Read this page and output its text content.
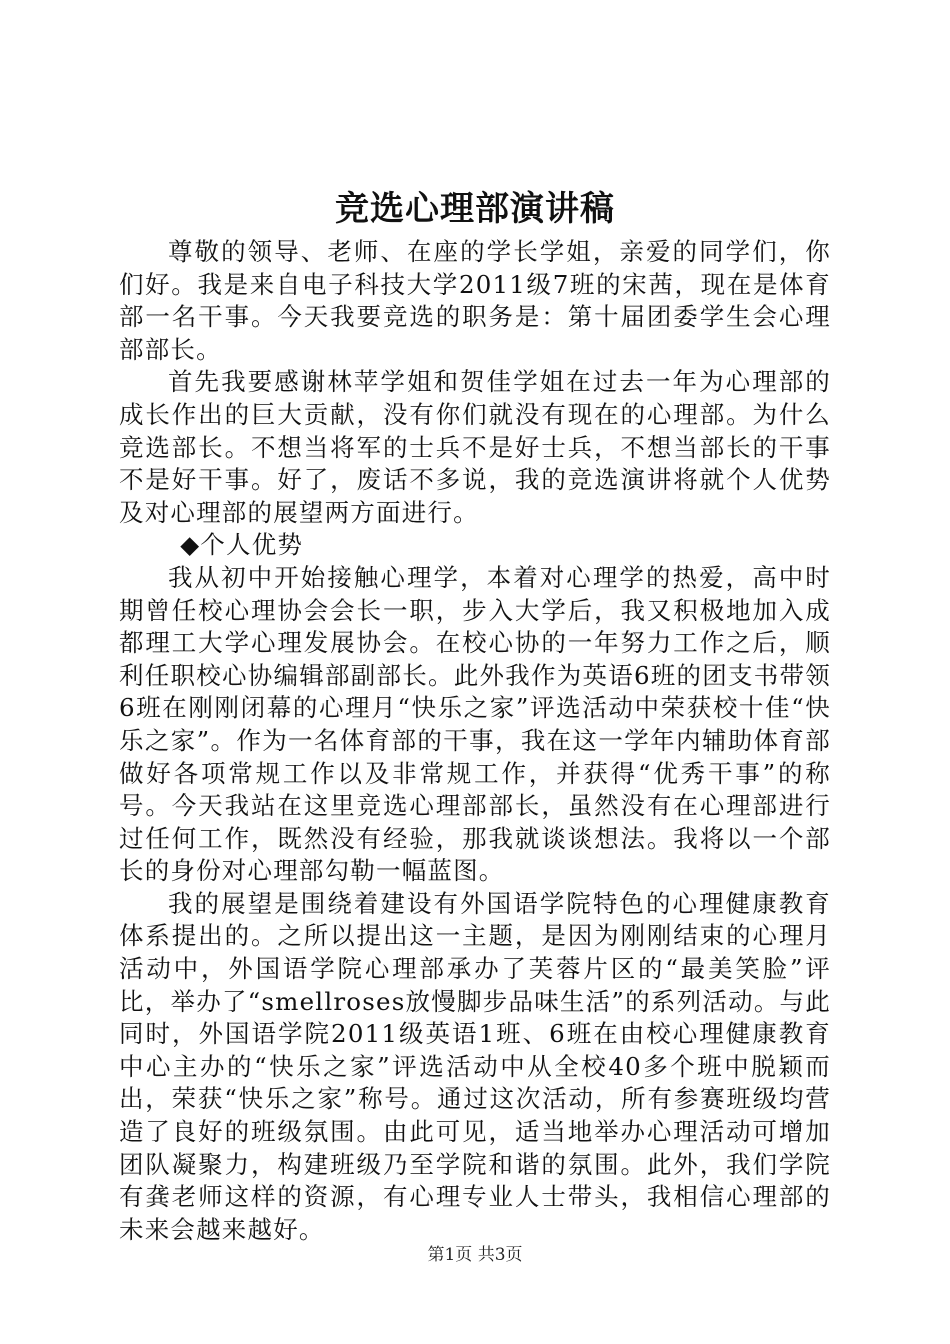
竞选心理部演讲稿

尊敬的领导、老师、在座的学长学姐，亲爱的同学们，你们好。我是来自电子科技大学2011级7班的宋茜，现在是体育部一名干事。今天我要竞选的职务是：第十届团委学生会心理部部长。

首先我要感谢林苹学姐和贺佳学姐在过去一年为心理部的成长作出的巨大贡献，没有你们就没有现在的心理部。为什么竞选部长。不想当将军的士兵不是好士兵，不想当部长的干事不是好干事。好了，废话不多说，我的竞选演讲将就个人优势及对心理部的展望两方面进行。

◆个人优势

我从初中开始接触心理学，本着对心理学的热爱，高中时期曾任校心理协会会长一职，步入大学后，我又积极地加入成都理工大学心理发展协会。在校心协的一年努力工作之后，顺利任职校心协编辑部副部长。此外我作为英语6班的团支书带领6班在刚刚闭幕的心理月“快乐之家”评选活动中荣获校十佳“快乐之家”。作为一名体育部的干事，我在这一学年内辅助体育部做好各项常规工作以及非常规工作，并获得“优秀干事”的称号。今天我站在这里竞选心理部部长，虽然没有在心理部进行过任何工作，既然没有经验，那我就谈谈想法。我将以一个部长的身份对心理部勾勒一幅蓝图。

我的展望是围绕着建设有外国语学院特色的心理健康教育体系提出的。之所以提出这一主题，是因为刚刚结束的心理月活动中，外国语学院心理部承办了芙蓉片区的“最美笑脸”评比，举办了“smellroses放慢脚步品味生活”的系列活动。与此同时，外国语学院2011级英语1班、6班在由校心理健康教育中心主办的“快乐之家”评选活动中从全校40多个班中脱颖而出，荣获“快乐之家”称号。通过这次活动，所有参赛班级均营造了良好的班级氛围。由此可见，适当地举办心理活动可增加团队凝聚力，构建班级乃至学院和谐的氛围。此外，我们学院有龚老师这样的资源，有心理专业人士带头，我相信心理部的未来会越来越好。

第1页 共3页
